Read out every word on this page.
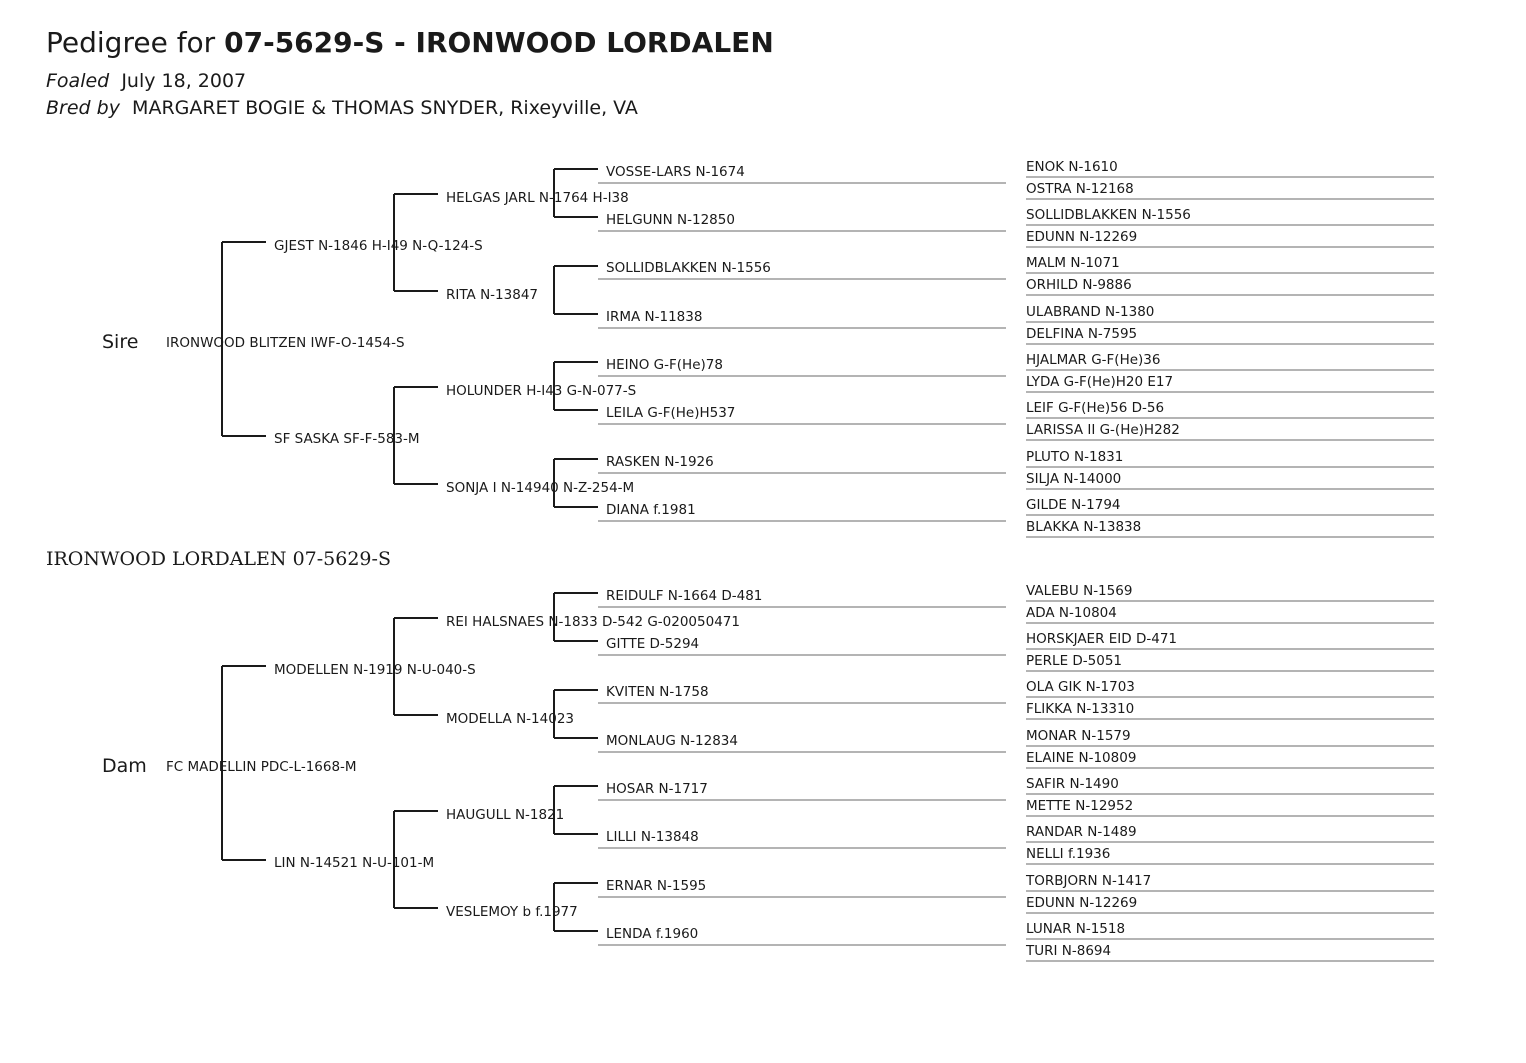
Pedigree for 07-5629-S - IRONWOOD LORDALEN
Foaled July 18, 2007
Bred by MARGARET BOGIE & THOMAS SNYDER, Rixeyville, VA
IRONWOOD LORDALEN 07-5629-S
Sire IRONWOOD BLITZEN IWF-O-1454-S
GJEST N-1846 H-I49 N-Q-124-S
SF SASKA SF-F-583-M
HELGAS JARL N-1764 H-I38
RITA N-13847
HOLUNDER H-I43 G-N-077-S
SONJA I N-14940 N-Z-254-M
VOSSE-LARS N-1674
HELGUNN N-12850
SOLLIDBLAKKEN N-1556
IRMA N-11838
HEINO G-F(He)78
LEILA G-F(He)H537
RASKEN N-1926
DIANA f.1981
ENOK N-1610
OSTRA N-12168
SOLLIDBLAKKEN N-1556
EDUNN N-12269
MALM N-1071
ORHILD N-9886
ULABRAND N-1380
DELFINA N-7595
HJALMAR G-F(He)36
LYDA G-F(He)H20 E17
LEIF G-F(He)56 D-56
LARISSA II G-(He)H282
PLUTO N-1831
SILJA N-14000
GILDE N-1794
BLAKKA N-13838
Dam FC MADELLIN PDC-L-1668-M
MODELLEN N-1919 N-U-040-S
LIN N-14521 N-U-101-M
REI HALSNAES N-1833 D-542 G-020050471
MODELLA N-14023
HAUGULL N-1821
VESLEMOY b f.1977
REIDULF N-1664 D-481
GITTE D-5294
KVITEN N-1758
MONLAUG N-12834
HOSAR N-1717
LILLI N-13848
ERNAR N-1595
LENDA f.1960
VALEBU N-1569
ADA N-10804
HORSKJAER EID D-471
PERLE D-5051
OLA GIK N-1703
FLIKKA N-13310
MONAR N-1579
ELAINE N-10809
SAFIR N-1490
METTE N-12952
RANDAR N-1489
NELLI f.1936
TORBJORN N-1417
EDUNN N-12269
LUNAR N-1518
TURI N-8694
